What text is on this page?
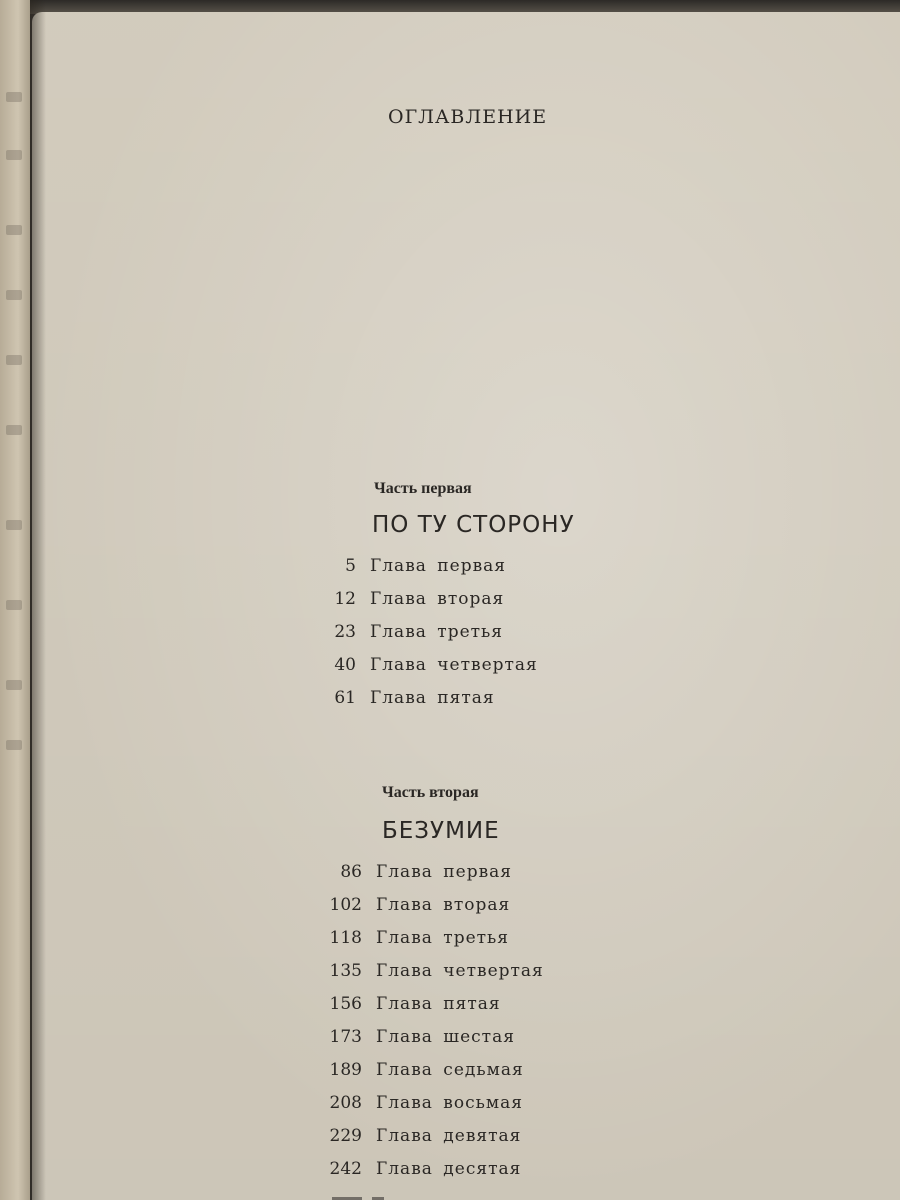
ОГЛАВЛЕНИЕ
Часть первая
ПО ТУ СТОРОНУ
5 Глава первая
12 Глава вторая
23 Глава третья
40 Глава четвертая
61 Глава пятая
Часть вторая
БЕЗУМИЕ
86 Глава первая
102 Глава вторая
118 Глава третья
135 Глава четвертая
156 Глава пятая
173 Глава шестая
189 Глава седьмая
208 Глава восьмая
229 Глава девятая
242 Глава десятая
